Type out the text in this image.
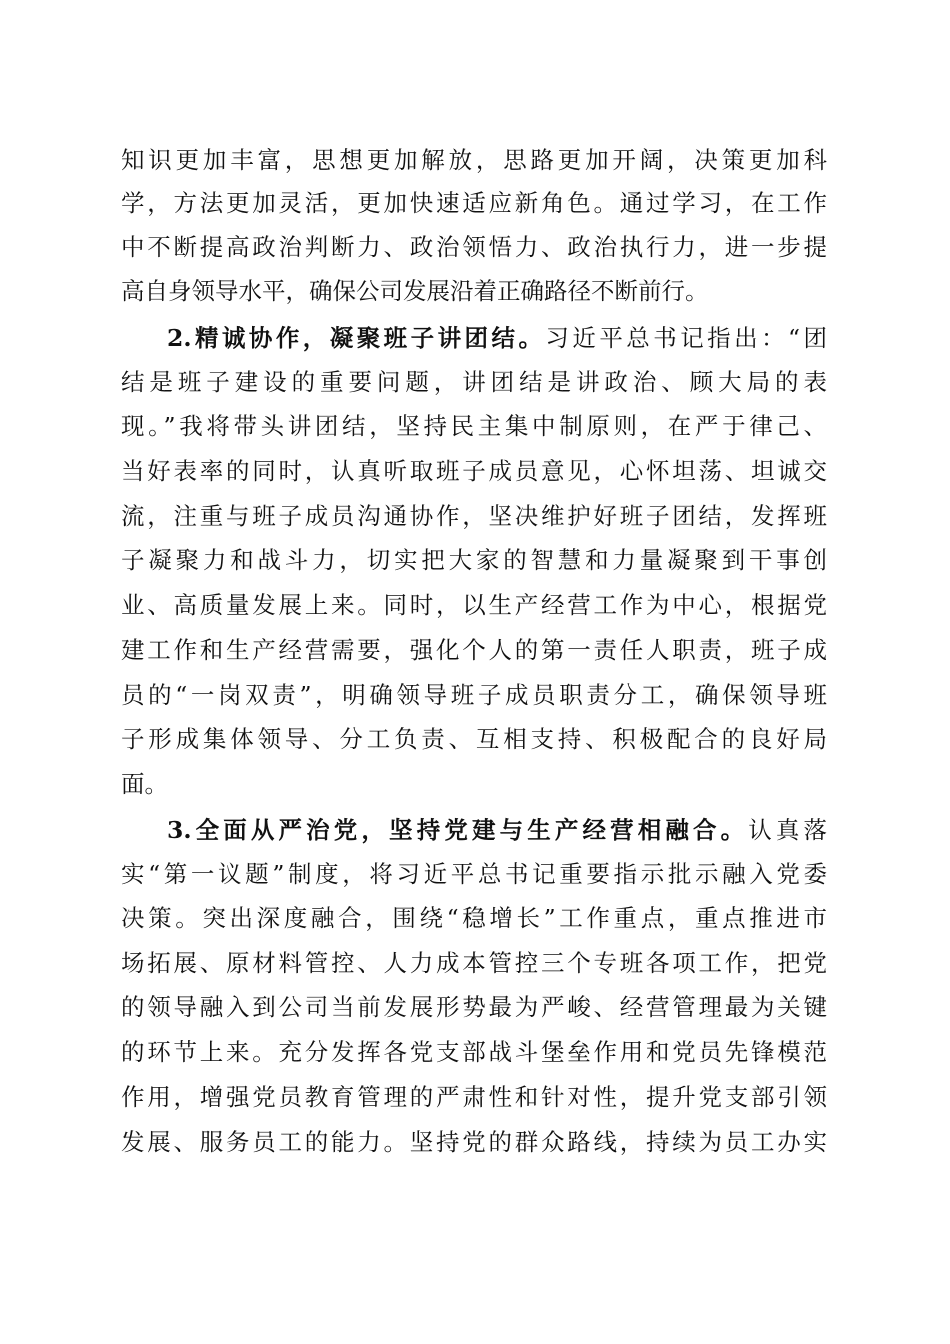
知识更加丰富，思想更加解放，思路更加开阔，决策更加科
学，方法更加灵活，更加快速适应新角色。通过学习，在工作
中不断提高政治判断力、政治领悟力、政治执行力，进一步提
高自身领导水平，确保公司发展沿着正确路径不断前行。
2.精诚协作，凝聚班子讲团结。习近平总书记指出：“团
结是班子建设的重要问题，讲团结是讲政治、顾大局的表
现。”我将带头讲团结，坚持民主集中制原则，在严于律己、
当好表率的同时，认真听取班子成员意见，心怀坦荡、坦诚交
流，注重与班子成员沟通协作，坚决维护好班子团结，发挥班
子凝聚力和战斗力，切实把大家的智慧和力量凝聚到干事创
业、高质量发展上来。同时，以生产经营工作为中心，根据党
建工作和生产经营需要，强化个人的第一责任人职责，班子成
员的“一岗双责”，明确领导班子成员职责分工，确保领导班
子形成集体领导、分工负责、互相支持、积极配合的良好局
面。
3.全面从严治党，坚持党建与生产经营相融合。认真落
实“第一议题”制度，将习近平总书记重要指示批示融入党委
决策。突出深度融合，围绕“稳增长”工作重点，重点推进市
场拓展、原材料管控、人力成本管控三个专班各项工作，把党
的领导融入到公司当前发展形势最为严峻、经营管理最为关键
的环节上来。充分发挥各党支部战斗堡垒作用和党员先锋模范
作用，增强党员教育管理的严肃性和针对性，提升党支部引领
发展、服务员工的能力。坚持党的群众路线，持续为员工办实
